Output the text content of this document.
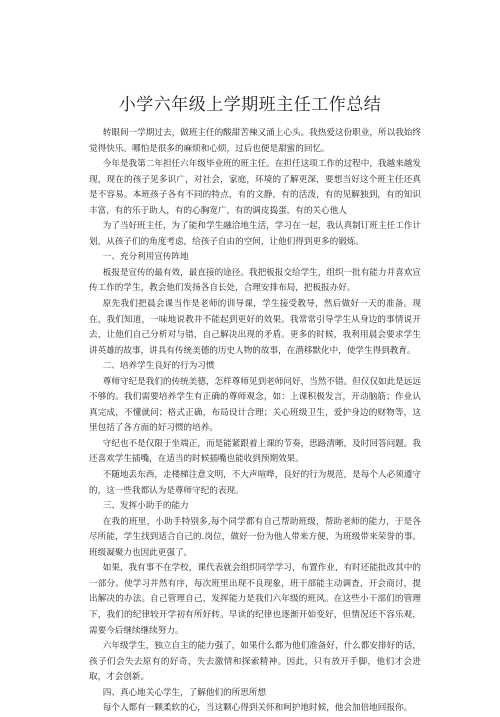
小学六年级上学期班主任工作总结

转眼间一学期过去，做班主任的酸甜苦辣又涌上心头。我热爱这份职业，所以我始终觉得快乐。哪怕是很多的麻烦和心烦，过后也便是甜蜜的回忆。

今年是我第二年担任六年级毕业班的班主任。在担任这项工作的过程中，我越来越发现，现在的孩子见多识广，对社会，家庭，环境的了解更深，要想当好这个班主任还真是不容易。本班孩子各有不同的特点，有的文静，有的活泼，有的见解独到，有的知识丰富，有的乐于助人，有的心胸宽广，有的调皮捣蛋，有的关心他人

为了当好班主任，为了能和学生融洽地生活，学习在一起，我认真制订班主任工作计划，从孩子们的角度考虑，给孩子自由的空间，让他们得到更多的锻炼。

一、充分利用宣传阵地

板报是宣传的最有效，最直接的途径。我把板报交给学生，组织一批有能力并喜欢宣传工作的学生，教会他们发扬各自长处，合理安排布局，把板报办好。

原先我们把晨会课当作是老师的训导课，学生接受教导，然后做好一天的准备。现在，我们知道，一味地说教并不能起到更好的效果。我常常引导学生从身边的事情说开去，让他们自己分析对与错，自己解决出现的矛盾。更多的时候，我利用晨会要求学生讲英雄的故事，讲具有传统美德的历史人物的故事，在潜移默化中，使学生得到教育。

二、培养学生良好的行为习惯

尊师守纪是我们的传统美德，怎样尊师见到老师问好，当然不错。但仅仅如此是远远不够的。我们需要培养学生有正确的尊师观念，如：上课积极发言，开动脑筋；作业认真完成，不懂就问；格式正确，布局设计合理；关心班级卫生，爱护身边的财物等，这里包括了各方面的好习惯的培养。

守纪也不是仅限于坐端正，而是能紧跟着上课的节奏，思路清晰，及时回答问题。我还喜欢学生插嘴，在适当的时候插嘴也能收到预期效果。

不随地丢东西，走楼梯注意文明，不大声喧哗，良好的行为规范，是每个人必须遵守的，这一些我都认为是尊师守纪的表现。

三、发挥小助手的能力

在我的班里，小助手特别多,每个同学都有自己帮助班级，帮助老师的能力，于是各尽所能，学生找到适合自己的.岗位，做好一份为他人带来方便，为班级带来荣誉的事。班级凝聚力也因此更强了。

如果，我有事不在学校，课代表就会组织同学学习，布置作业，有时还能批改其中的一部分。使学习井然有序，每次班里出现不良现象，班干部能主动调查，开会商讨，提出解决的办法。自己管理自己，发挥能力是我们六年级的班风。在这些小干部们的管理下，我们的纪律较开学初有所好转。早读的纪律也逐渐开始变好，但情况还不容乐观，需要今后继续继续努力。

六年级学生，独立自主的能力强了，如果什么都为他们准备好，什么都安排好的话，孩子们会失去原有的好奇，失去激情和探索精神。因此，只有放开手脚，他们才会进取，才会创新。

四、真心地关心学生，了解他们的所思所想

每个人都有一颗柔软的心，当这颗心得到关怀和呵护地时候，他会加倍地回报你。
